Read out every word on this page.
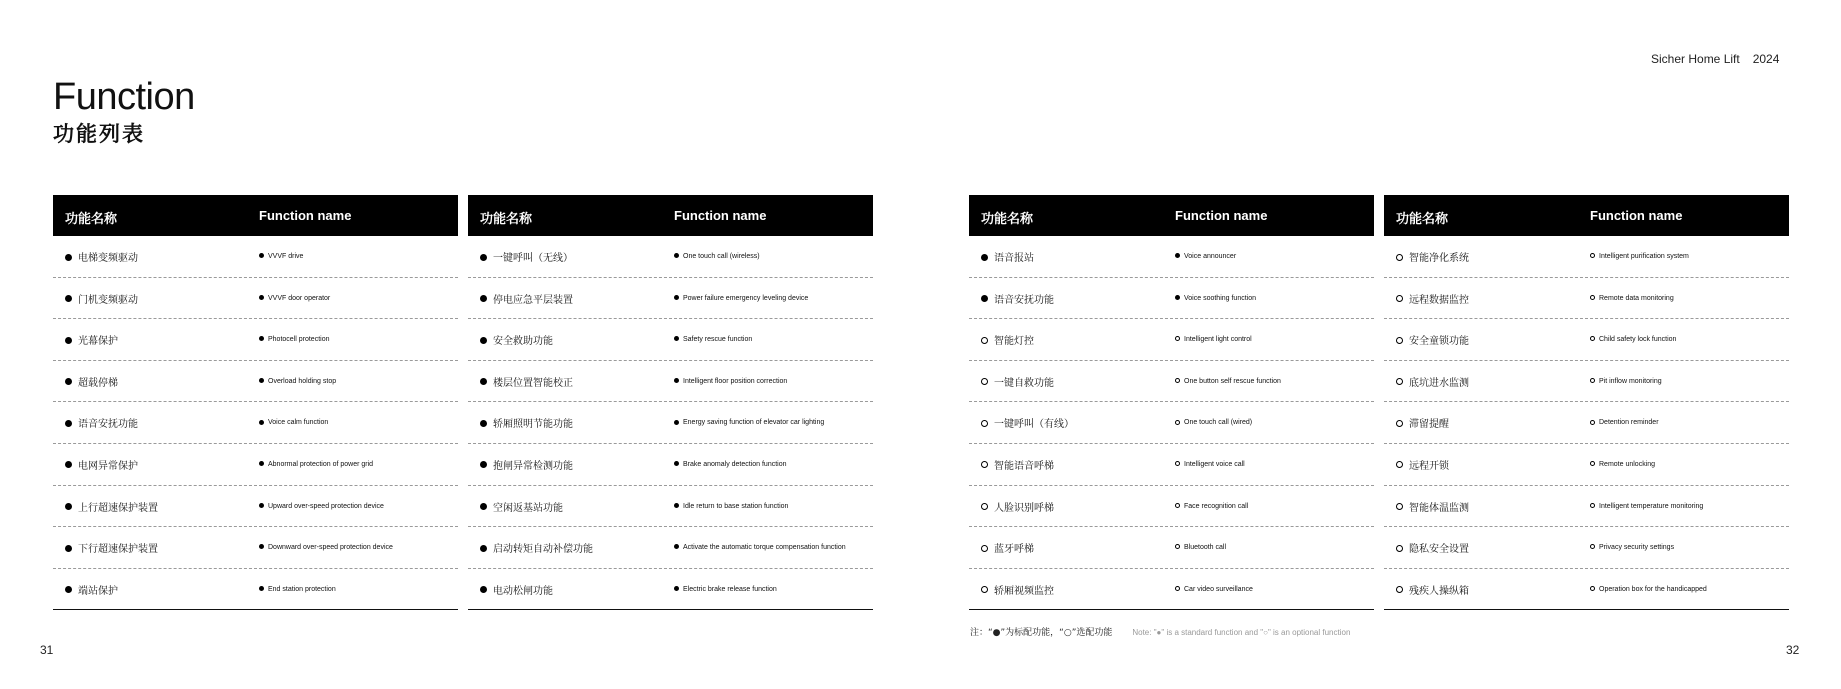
Sicher Home Lift 2024
Function
功能列表
功能名称	Function name
电梯变频驱动	VVVF drive
门机变频驱动	VVVF door operator
光幕保护	Photocell protection
超载停梯	Overload holding stop
语音安抚功能	Voice calm function
电网异常保护	Abnormal protection of power grid
上行超速保护装置	Upward over-speed protection device
下行超速保护装置	Downward over-speed protection device
端站保护	End station protection
功能名称	Function name
一键呼叫（无线）	One touch call (wireless)
停电应急平层装置	Power failure emergency leveling device
安全救助功能	Safety rescue function
楼层位置智能校正	Intelligent floor position correction
轿厢照明节能功能	Energy saving function of elevator car lighting
抱闸异常检测功能	Brake anomaly detection function
空闲返基站功能	Idle return to base station function
启动转矩自动补偿功能	Activate the automatic torque compensation function
电动松闸功能	Electric brake release function
功能名称	Function name
语音报站	Voice announcer
语音安抚功能	Voice soothing function
智能灯控	Intelligent light control
一键自救功能	One button self rescue function
一键呼叫（有线）	One touch call (wired)
智能语音呼梯	Intelligent voice call
人脸识别呼梯	Face recognition call
蓝牙呼梯	Bluetooth call
轿厢视频监控	Car video surveillance
功能名称	Function name
智能净化系统	Intelligent purification system
远程数据监控	Remote data monitoring
安全童锁功能	Child safety lock function
底坑进水监测	Pit inflow monitoring
滞留提醒	Detention reminder
远程开锁	Remote unlocking
智能体温监测	Intelligent temperature monitoring
隐私安全设置	Privacy security settings
残疾人操纵箱	Operation box for the handicapped
注：“●”为标配功能，“○”选配功能	Note: "●" is a standard function and "○" is an optional function
31	32
